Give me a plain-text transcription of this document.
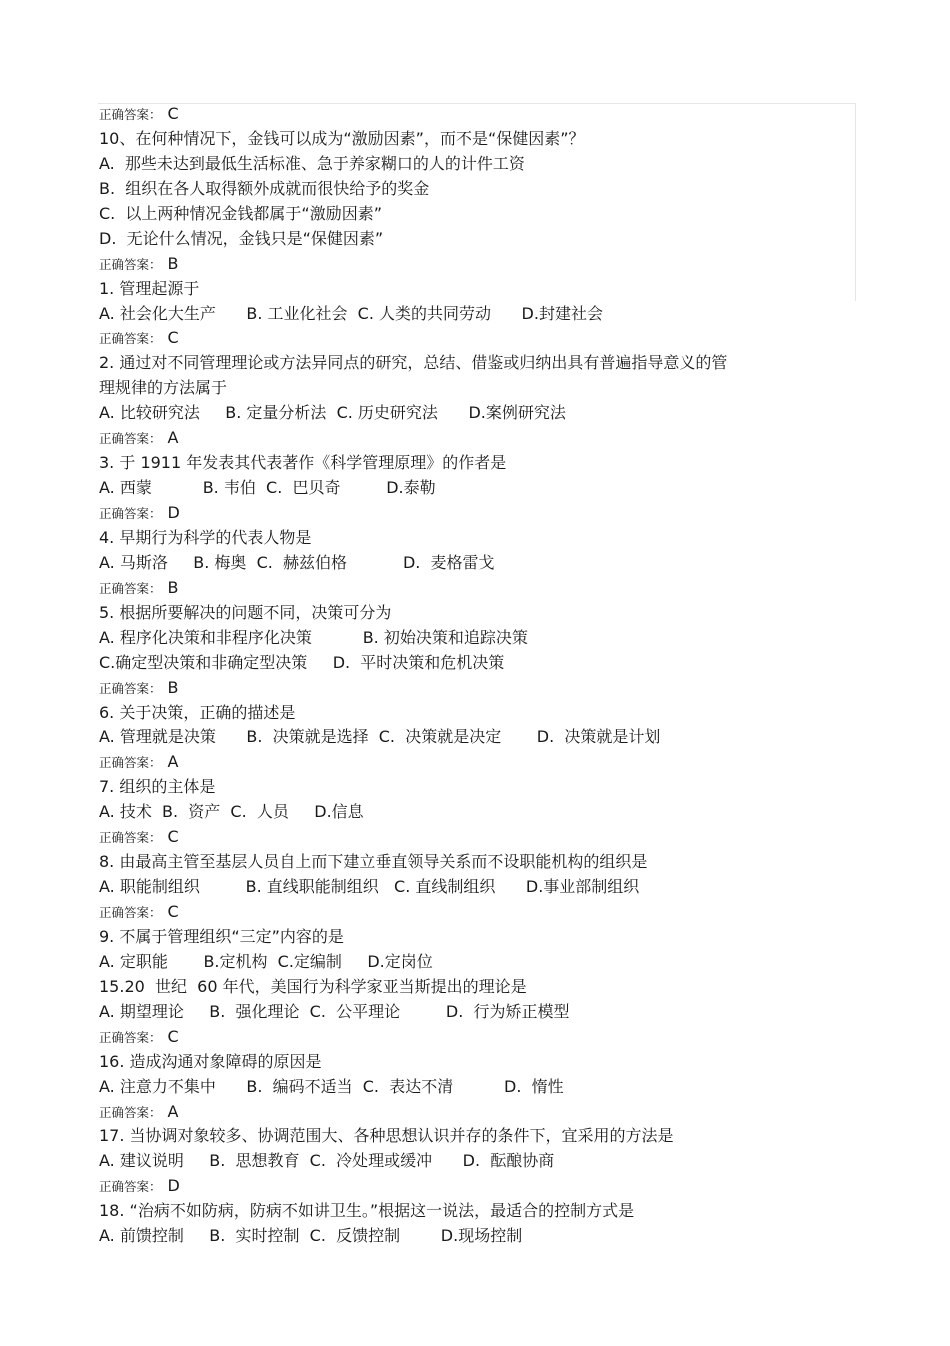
正确答案： C
10、在何种情况下，金钱可以成为“激励因素”，而不是“保健因素”？
A.  那些未达到最低生活标准、急于养家糊口的人的计件工资
B.  组织在各人取得额外成就而很快给予的奖金
C.  以上两种情况金钱都属于“激励因素”
D.  无论什么情况，金钱只是“保健因素”
正确答案： B
1. 管理起源于
A. 社会化大生产      B. 工业化社会  C. 人类的共同劳动      D.封建社会
正确答案： C
2. 通过对不同管理理论或方法异同点的研究，总结、借鉴或归纳出具有普遍指导意义的管
理规律的方法属于
A. 比较研究法     B. 定量分析法  C. 历史研究法      D.案例研究法
正确答案： A
3. 于 1911 年发表其代表著作《科学管理原理》的作者是
A. 西蒙          B. 韦伯  C.  巴贝奇         D.泰勒
正确答案： D
4. 早期行为科学的代表人物是
A. 马斯洛     B. 梅奥  C.  赫兹伯格           D.  麦格雷戈
正确答案： B
5. 根据所要解决的问题不同，决策可分为
A. 程序化决策和非程序化决策          B. 初始决策和追踪决策
C.确定型决策和非确定型决策     D.  平时决策和危机决策
正确答案： B
6. 关于决策，正确的描述是
A. 管理就是决策      B.  决策就是选择  C.  决策就是决定       D.  决策就是计划
正确答案： A
7. 组织的主体是
A. 技术  B.  资产  C.  人员     D.信息
正确答案： C
8. 由最高主管至基层人员自上而下建立垂直领导关系而不设职能机构的组织是
A. 职能制组织         B. 直线职能制组织   C. 直线制组织      D.事业部制组织
正确答案： C
9. 不属于管理组织“三定”内容的是
A. 定职能       B.定机构  C.定编制     D.定岗位
15.20  世纪  60 年代，美国行为科学家亚当斯提出的理论是
A. 期望理论     B.  强化理论  C.  公平理论         D.  行为矫正模型
正确答案： C
16. 造成沟通对象障碍的原因是
A. 注意力不集中      B.  编码不适当  C.  表达不清          D.  惰性
正确答案： A
17. 当协调对象较多、协调范围大、各种思想认识并存的条件下，宜采用的方法是
A. 建议说明     B.  思想教育  C.  冷处理或缓冲      D.  酝酿协商
正确答案： D
18. “治病不如防病，防病不如讲卫生。”根据这一说法，最适合的控制方式是
A. 前馈控制     B.  实时控制  C.  反馈控制        D.现场控制
